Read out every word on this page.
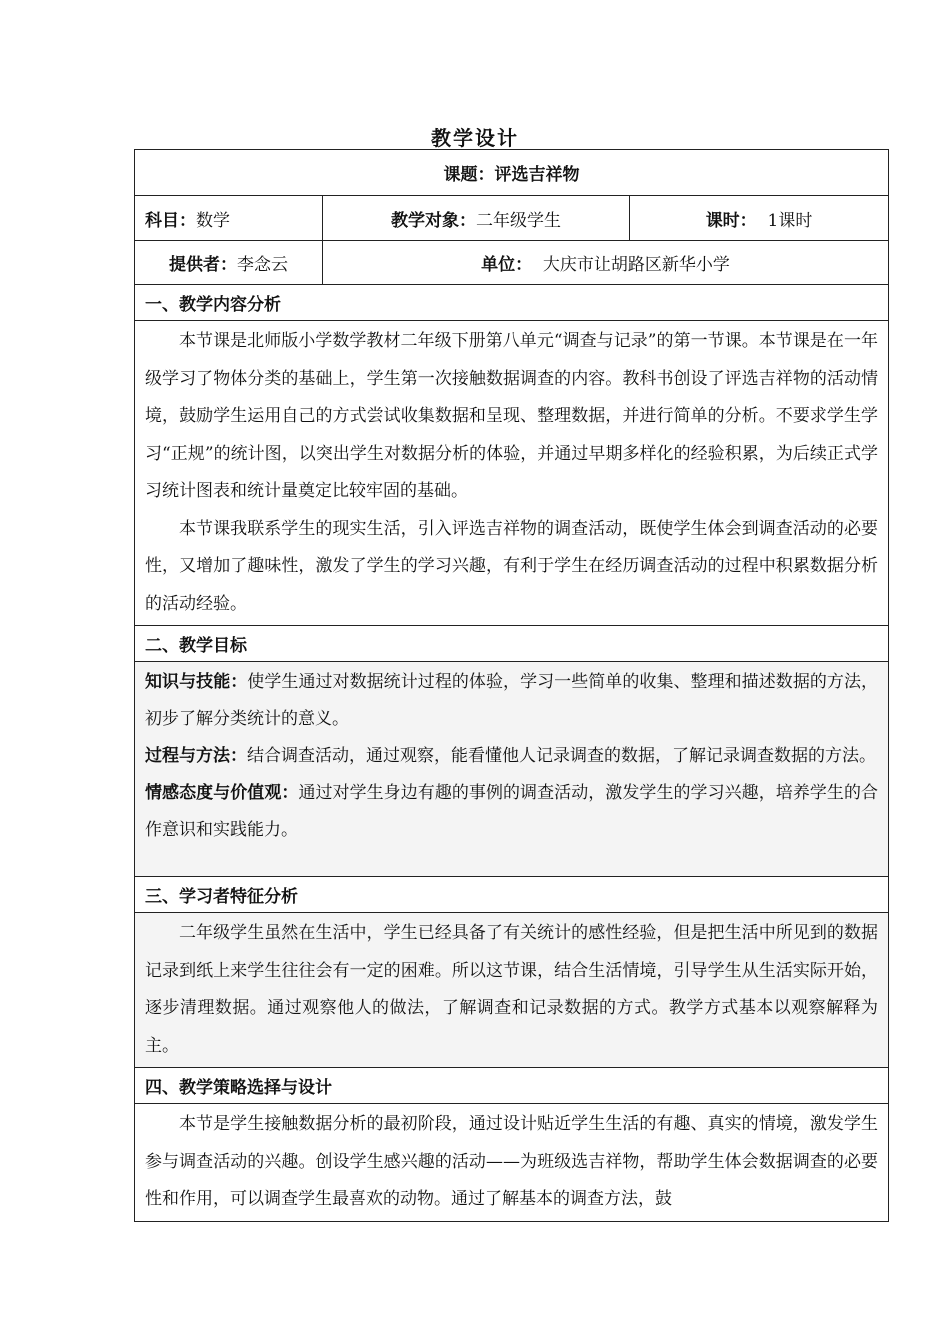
教学设计
课题：评选吉祥物		
科目：数学	教学对象：二年级学生	课时： 1课时
提供者：李念云	单位： 大庆市让胡路区新华小学	
一、教学内容分析		

本节课是北师版小学数学教材二年级下册第八单元“调查与记录”的第一节课。本节课是在一年级学习了物体分类的基础上，学生第一次接触数据调查的内容。教科书创设了评选吉祥物的活动情境，鼓励学生运用自己的方式尝试收集数据和呈现、整理数据，并进行简单的分析。不要求学生学习“正规”的统计图，以突出学生对数据分析的体验，并通过早期多样化的经验积累，为后续正式学习统计图表和统计量奠定比较牢固的基础。

本节课我联系学生的现实生活，引入评选吉祥物的调查活动，既使学生体会到调查活动的必要性，又增加了趣味性，激发了学生的学习兴趣，有利于学生在经历调查活动的过程中积累数据分析的活动经验。		

二、教学目标		

知识与技能：使学生通过对数据统计过程的体验，学习一些简单的收集、整理和描述数据的方法，初步了解分类统计的意义。

过程与方法：结合调查活动，通过观察，能看懂他人记录调查的数据，了解记录调查数据的方法。

情感态度与价值观：通过对学生身边有趣的事例的调查活动，激发学生的学习兴趣，培养学生的合作意识和实践能力。		

三、学习者特征分析		

二年级学生虽然在生活中，学生已经具备了有关统计的感性经验，但是把生活中所见到的数据记录到纸上来学生往往会有一定的困难。所以这节课，结合生活情境，引导学生从生活实际开始，逐步清理数据。通过观察他人的做法，了解调查和记录数据的方式。教学方式基本以观察解释为主。		

四、教学策略选择与设计		

本节是学生接触数据分析的最初阶段，通过设计贴近学生生活的有趣、真实的情境，激发学生参与调查活动的兴趣。创设学生感兴趣的活动——为班级选吉祥物，帮助学生体会数据调查的必要性和作用，可以调查学生最喜欢的动物。通过了解基本的调查方法，鼓		
